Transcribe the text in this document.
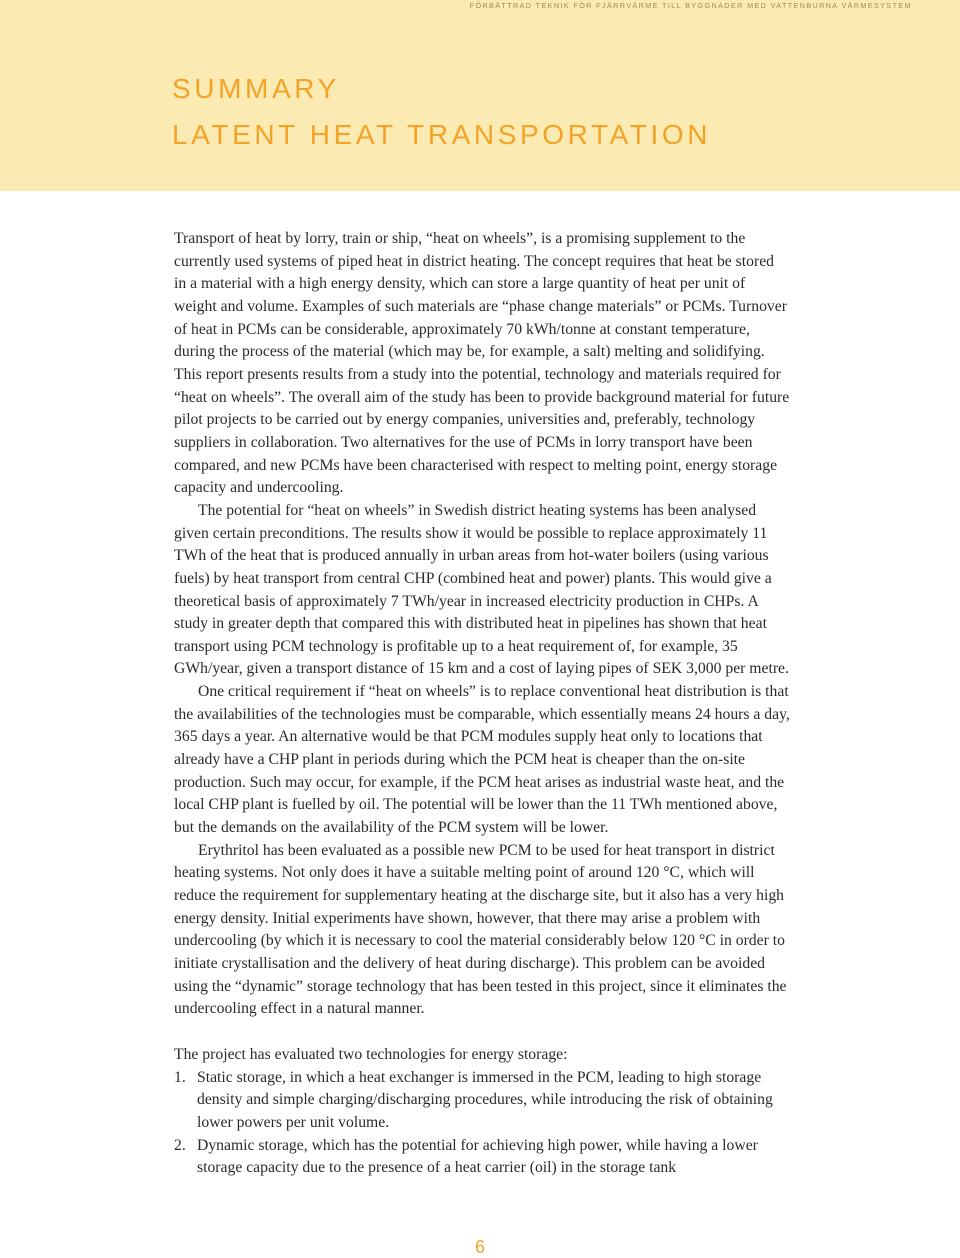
FÖRBÄTTRAD TEKNIK FÖR FJÄRRVÄRME TILL BYGGNADER MED VATTENBURNA VÄRMESYSTEM
SUMMARY
LATENT HEAT TRANSPORTATION

Transport of heat by lorry, train or ship, “heat on wheels”, is a promising supplement to the currently used systems of piped heat in district heating. The concept requires that heat be stored in a material with a high energy density, which can store a large quantity of heat per unit of weight and volume. Examples of such materials are “phase change materials” or PCMs. Turnover of heat in PCMs can be considerable, approximately 70 kWh/tonne at constant temperature, during the process of the material (which may be, for example, a salt) melting and solidifying. This report presents results from a study into the potential, technology and materials required for “heat on wheels”. The overall aim of the study has been to provide background material for future pilot projects to be carried out by energy companies, universities and, preferably, technology suppliers in collaboration. Two alternatives for the use of PCMs in lorry transport have been compared, and new PCMs have been characterised with respect to melting point, energy storage capacity and undercooling.

The potential for “heat on wheels” in Swedish district heating systems has been analysed given certain preconditions. The results show it would be possible to replace approximately 11 TWh of the heat that is produced annually in urban areas from hot-water boilers (using various fuels) by heat transport from central CHP (combined heat and power) plants. This would give a theoretical basis of approximately 7 TWh/year in increased electricity production in CHPs. A study in greater depth that compared this with distributed heat in pipelines has shown that heat transport using PCM technology is profitable up to a heat requirement of, for example, 35 GWh/year, given a transport distance of 15 km and a cost of laying pipes of SEK 3,000 per metre.

One critical requirement if “heat on wheels” is to replace conventional heat distribution is that the availabilities of the technologies must be comparable, which essentially means 24 hours a day, 365 days a year. An alternative would be that PCM modules supply heat only to locations that already have a CHP plant in periods during which the PCM heat is cheaper than the on-site production. Such may occur, for example, if the PCM heat arises as industrial waste heat, and the local CHP plant is fuelled by oil. The potential will be lower than the 11 TWh mentioned above, but the demands on the availability of the PCM system will be lower.

Erythritol has been evaluated as a possible new PCM to be used for heat transport in district heating systems. Not only does it have a suitable melting point of around 120 °C, which will reduce the requirement for supplementary heating at the discharge site, but it also has a very high energy density. Initial experiments have shown, however, that there may arise a problem with undercooling (by which it is necessary to cool the material considerably below 120 °C in order to initiate crystallisation and the delivery of heat during discharge). This problem can be avoided using the “dynamic” storage technology that has been tested in this project, since it eliminates the undercooling effect in a natural manner.

The project has evaluated two technologies for energy storage:

1. Static storage, in which a heat exchanger is immersed in the PCM, leading to high storage density and simple charging/discharging procedures, while introducing the risk of obtaining lower powers per unit volume.
2. Dynamic storage, which has the potential for achieving high power, while having a lower storage capacity due to the presence of a heat carrier (oil) in the storage tank
6
